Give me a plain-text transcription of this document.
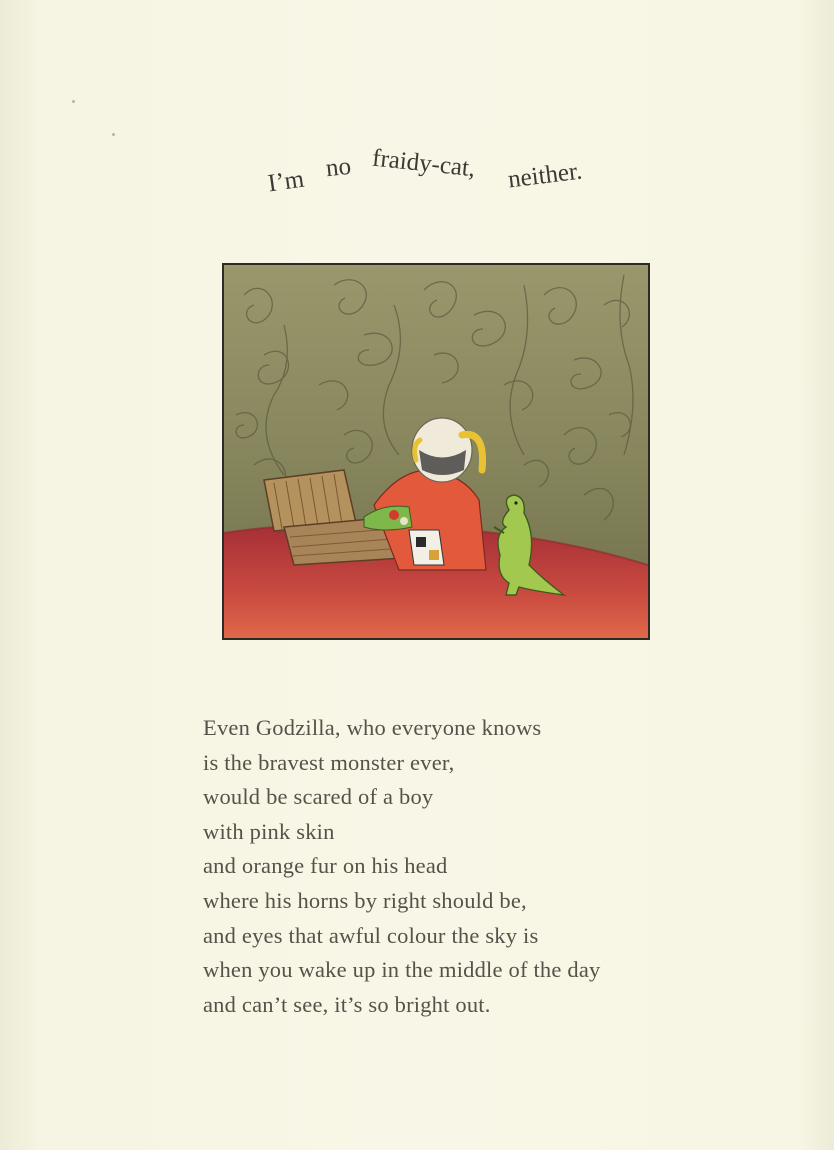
I’m no fraidy-cat, neither.
Even Godzilla, who everyone knows
is the bravest monster ever,
would be scared of a boy
with pink skin
and orange fur on his head
where his horns by right should be,
and eyes that awful colour the sky is
when you wake up in the middle of the day
and can’t see, it’s so bright out.
